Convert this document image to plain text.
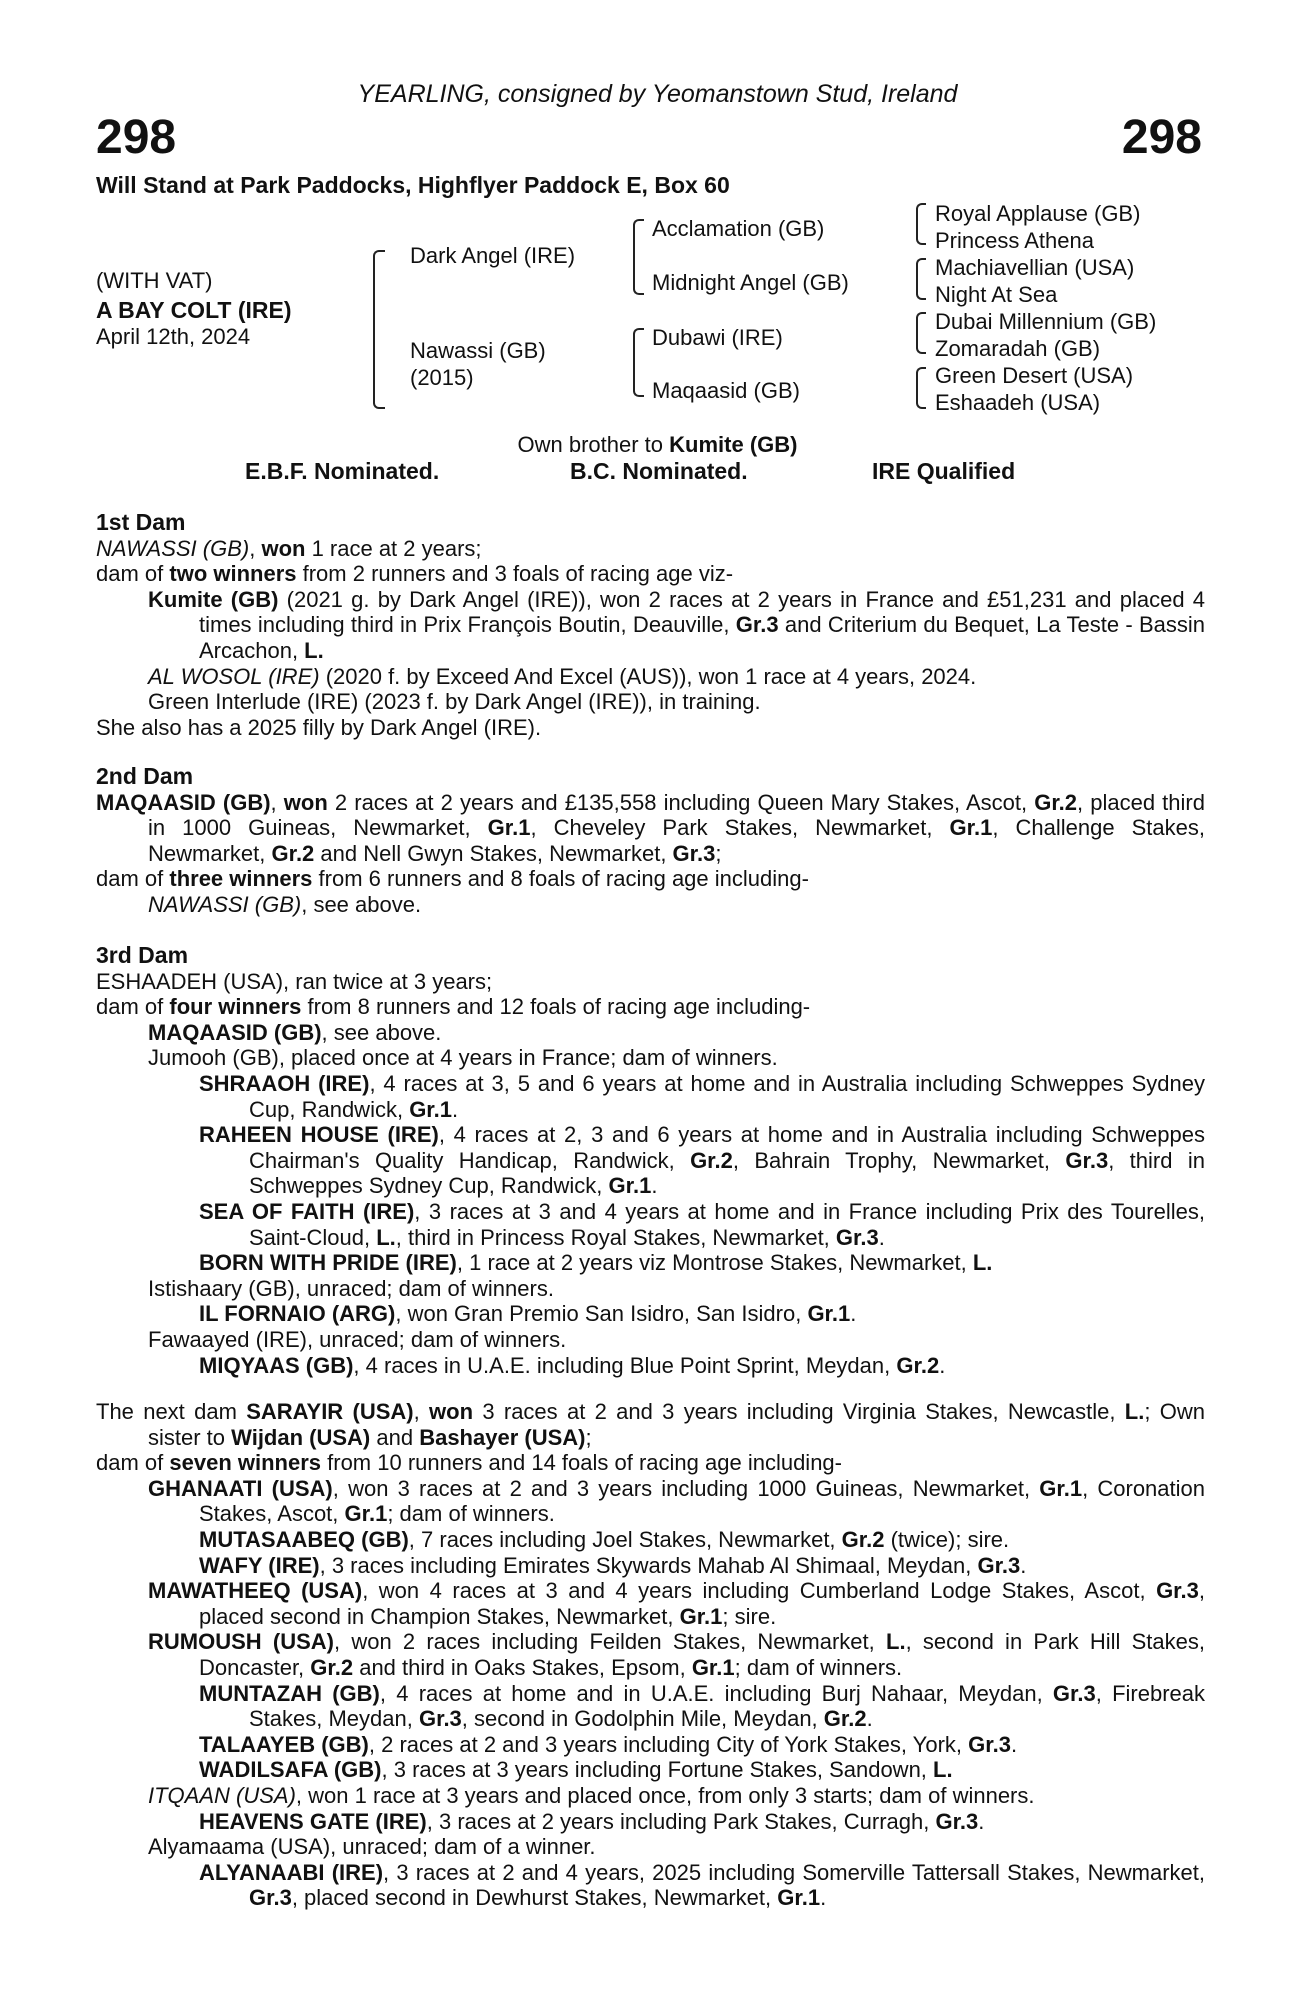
YEARLING, consigned by Yeomanstown Stud, Ireland
298	298
Will Stand at Park Paddocks, Highflyer Paddock E, Box 60
(WITH VAT)
A BAY COLT (IRE)
April 12th, 2024
Dark Angel (IRE)
Nawassi (GB)
(2015)
Acclamation (GB)
Midnight Angel (GB)
Dubawi (IRE)
Maqaasid (GB)
Royal Applause (GB)
Princess Athena
Machiavellian (USA)
Night At Sea
Dubai Millennium (GB)
Zomaradah (GB)
Green Desert (USA)
Eshaadeh (USA)
Own brother to Kumite (GB)
E.B.F. Nominated.	B.C. Nominated.	IRE Qualified

1st Dam

NAWASSI (GB), won 1 race at 2 years;

dam of two winners from 2 runners and 3 foals of racing age viz-

Kumite (GB) (2021 g. by Dark Angel (IRE)), won 2 races at 2 years in France and £51,231 and placed 4 times including third in Prix François Boutin, Deauville, Gr.3 and Criterium du Bequet, La Teste - Bassin Arcachon, L.

AL WOSOL (IRE) (2020 f. by Exceed And Excel (AUS)), won 1 race at 4 years, 2024.

Green Interlude (IRE) (2023 f. by Dark Angel (IRE)), in training.

She also has a 2025 filly by Dark Angel (IRE).

2nd Dam

MAQAASID (GB), won 2 races at 2 years and £135,558 including Queen Mary Stakes, Ascot, Gr.2, placed third in 1000 Guineas, Newmarket, Gr.1, Cheveley Park Stakes, Newmarket, Gr.1, Challenge Stakes, Newmarket, Gr.2 and Nell Gwyn Stakes, Newmarket, Gr.3;

dam of three winners from 6 runners and 8 foals of racing age including-

NAWASSI (GB), see above.

3rd Dam

ESHAADEH (USA), ran twice at 3 years;

dam of four winners from 8 runners and 12 foals of racing age including-

MAQAASID (GB), see above.

Jumooh (GB), placed once at 4 years in France; dam of winners.

SHRAAOH (IRE), 4 races at 3, 5 and 6 years at home and in Australia including Schweppes Sydney Cup, Randwick, Gr.1.

RAHEEN HOUSE (IRE), 4 races at 2, 3 and 6 years at home and in Australia including Schweppes Chairman's Quality Handicap, Randwick, Gr.2, Bahrain Trophy, Newmarket, Gr.3, third in Schweppes Sydney Cup, Randwick, Gr.1.

SEA OF FAITH (IRE), 3 races at 3 and 4 years at home and in France including Prix des Tourelles, Saint-Cloud, L., third in Princess Royal Stakes, Newmarket, Gr.3.

BORN WITH PRIDE (IRE), 1 race at 2 years viz Montrose Stakes, Newmarket, L.

Istishaary (GB), unraced; dam of winners.

IL FORNAIO (ARG), won Gran Premio San Isidro, San Isidro, Gr.1.

Fawaayed (IRE), unraced; dam of winners.

MIQYAAS (GB), 4 races in U.A.E. including Blue Point Sprint, Meydan, Gr.2.

The next dam SARAYIR (USA), won 3 races at 2 and 3 years including Virginia Stakes, Newcastle, L.; Own sister to Wijdan (USA) and Bashayer (USA);

dam of seven winners from 10 runners and 14 foals of racing age including-

GHANAATI (USA), won 3 races at 2 and 3 years including 1000 Guineas, Newmarket, Gr.1, Coronation Stakes, Ascot, Gr.1; dam of winners.

MUTASAABEQ (GB), 7 races including Joel Stakes, Newmarket, Gr.2 (twice); sire.

WAFY (IRE), 3 races including Emirates Skywards Mahab Al Shimaal, Meydan, Gr.3.

MAWATHEEQ (USA), won 4 races at 3 and 4 years including Cumberland Lodge Stakes, Ascot, Gr.3, placed second in Champion Stakes, Newmarket, Gr.1; sire.

RUMOUSH (USA), won 2 races including Feilden Stakes, Newmarket, L., second in Park Hill Stakes, Doncaster, Gr.2 and third in Oaks Stakes, Epsom, Gr.1; dam of winners.

MUNTAZAH (GB), 4 races at home and in U.A.E. including Burj Nahaar, Meydan, Gr.3, Firebreak Stakes, Meydan, Gr.3, second in Godolphin Mile, Meydan, Gr.2.

TALAAYEB (GB), 2 races at 2 and 3 years including City of York Stakes, York, Gr.3.

WADILSAFA (GB), 3 races at 3 years including Fortune Stakes, Sandown, L.

ITQAAN (USA), won 1 race at 3 years and placed once, from only 3 starts; dam of winners.

HEAVENS GATE (IRE), 3 races at 2 years including Park Stakes, Curragh, Gr.3.

Alyamaama (USA), unraced; dam of a winner.

ALYANAABI (IRE), 3 races at 2 and 4 years, 2025 including Somerville Tattersall Stakes, Newmarket, Gr.3, placed second in Dewhurst Stakes, Newmarket, Gr.1.
